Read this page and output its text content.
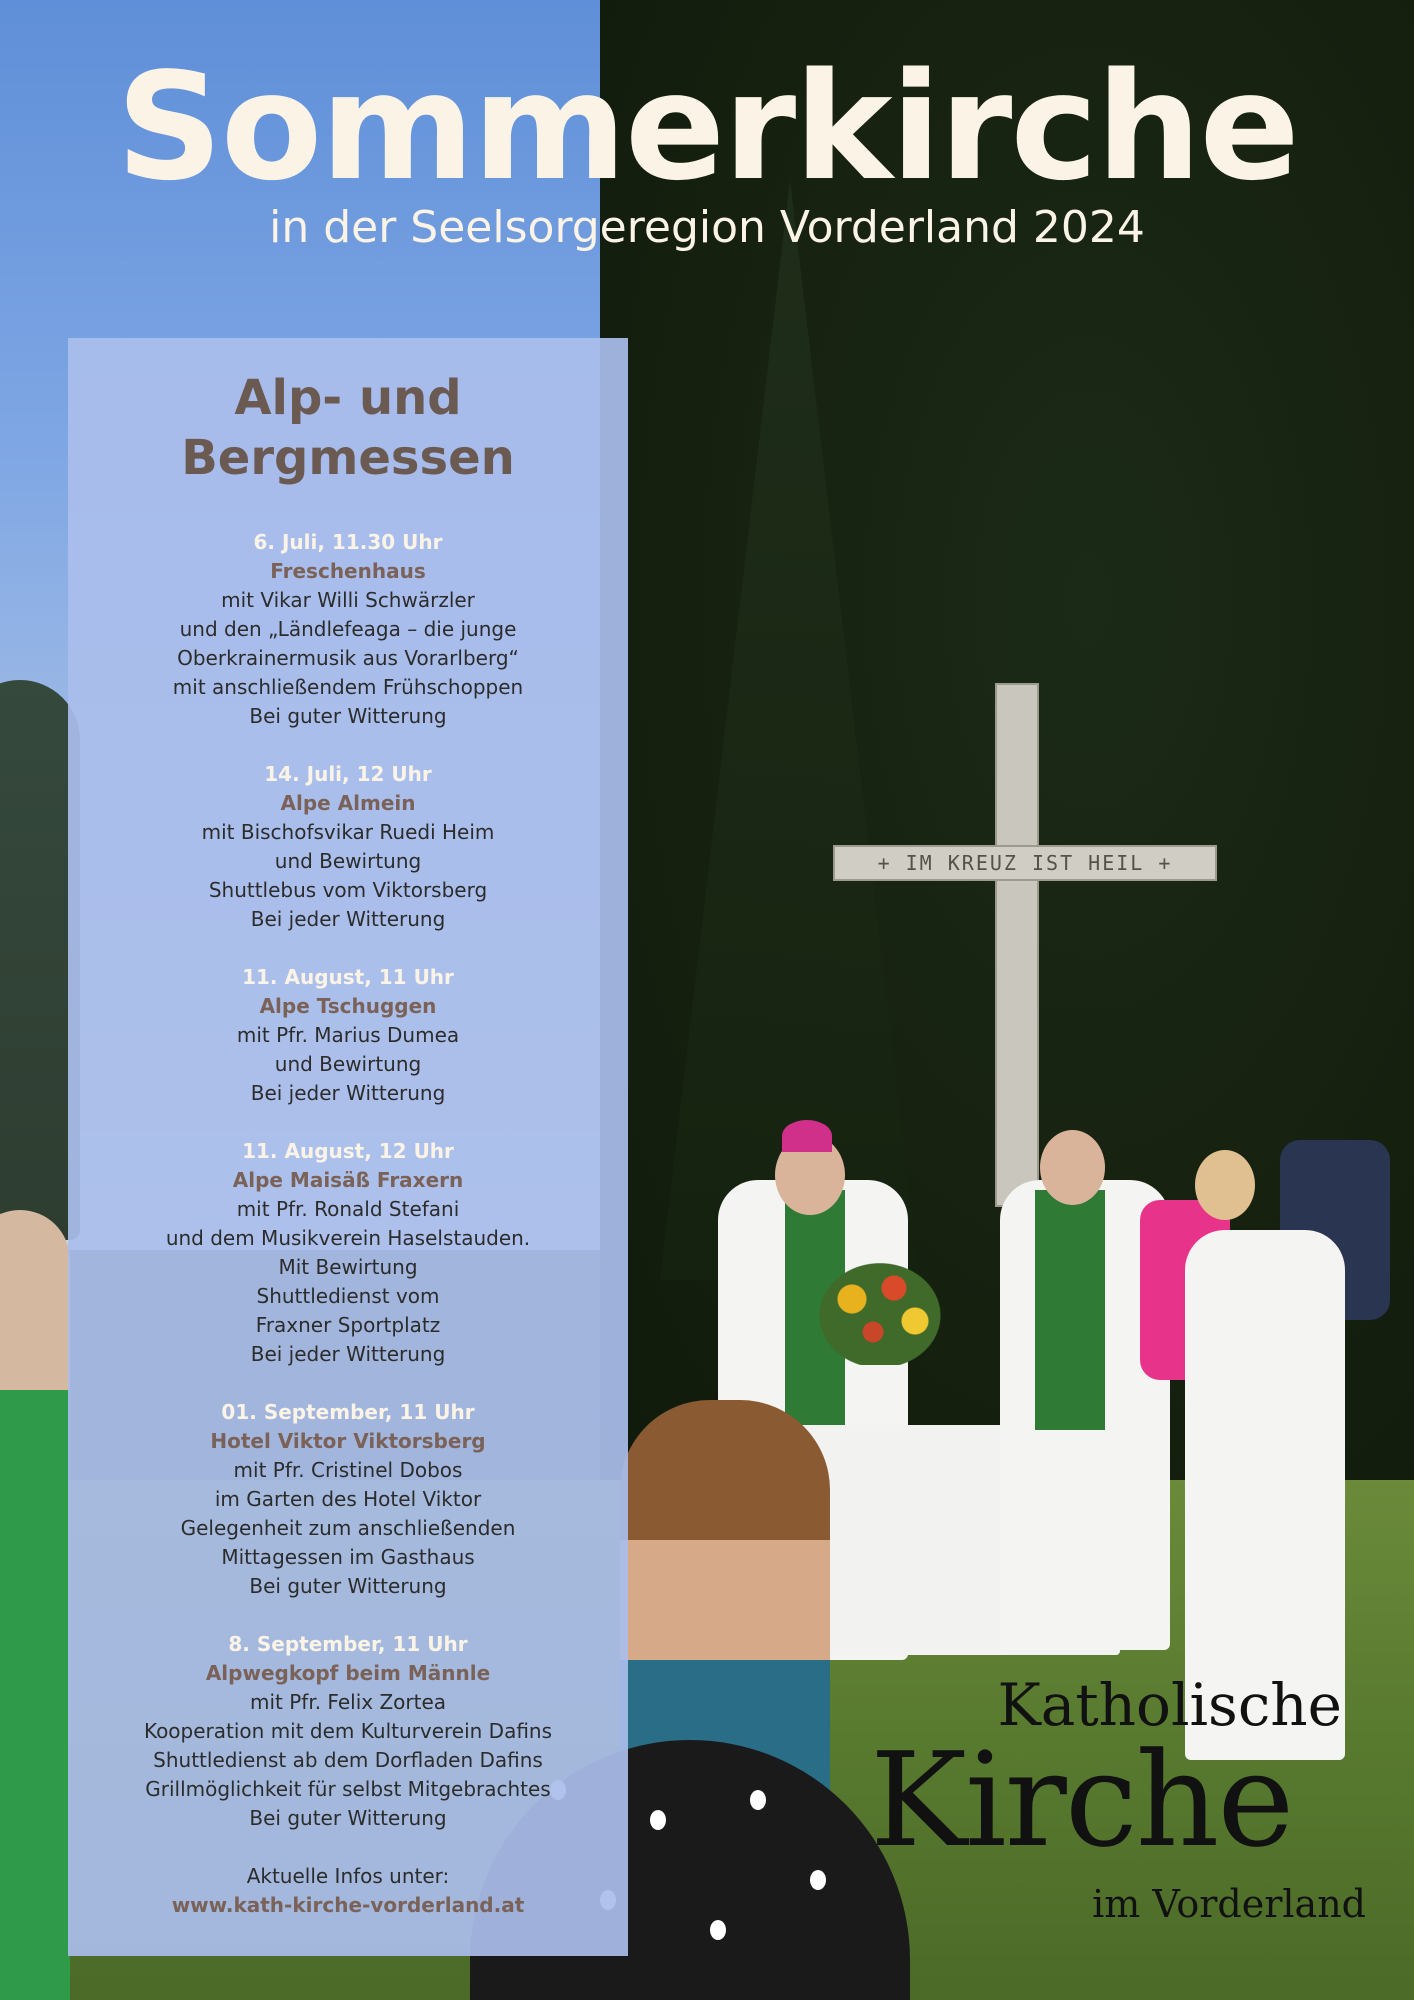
+ IM KREUZ IST HEIL +
Sommerkirche
in der Seelsorgeregion Vorderland 2024
Alp- und
Bergmessen
6. Juli, 11.30 Uhr
Freschenhaus
mit Vikar Willi Schwärzler
und den „Ländlefeaga – die junge
Oberkrainermusik aus Vorarlberg“
mit anschließendem Frühschoppen
Bei guter Witterung
14. Juli, 12 Uhr
Alpe Almein
mit Bischofsvikar Ruedi Heim
und Bewirtung
Shuttlebus vom Viktorsberg
Bei jeder Witterung
11. August, 11 Uhr
Alpe Tschuggen
mit Pfr. Marius Dumea
und Bewirtung
Bei jeder Witterung
11. August, 12 Uhr
Alpe Maisäß Fraxern
mit Pfr. Ronald Stefani
und dem Musikverein Haselstauden.
Mit Bewirtung
Shuttledienst vom
Fraxner Sportplatz
Bei jeder Witterung
01. September, 11 Uhr
Hotel Viktor Viktorsberg
mit Pfr. Cristinel Dobos
im Garten des Hotel Viktor
Gelegenheit zum anschließenden
Mittagessen im Gasthaus
Bei guter Witterung
8. September, 11 Uhr
Alpwegkopf beim Männle
mit Pfr. Felix Zortea
Kooperation mit dem Kulturverein Dafins
Shuttledienst ab dem Dorfladen Dafins
Grillmöglichkeit für selbst Mitgebrachtes
Bei guter Witterung
Aktuelle Infos unter:
www.kath-kirche-vorderland.at
Katholische
Kirche
im Vorderland
